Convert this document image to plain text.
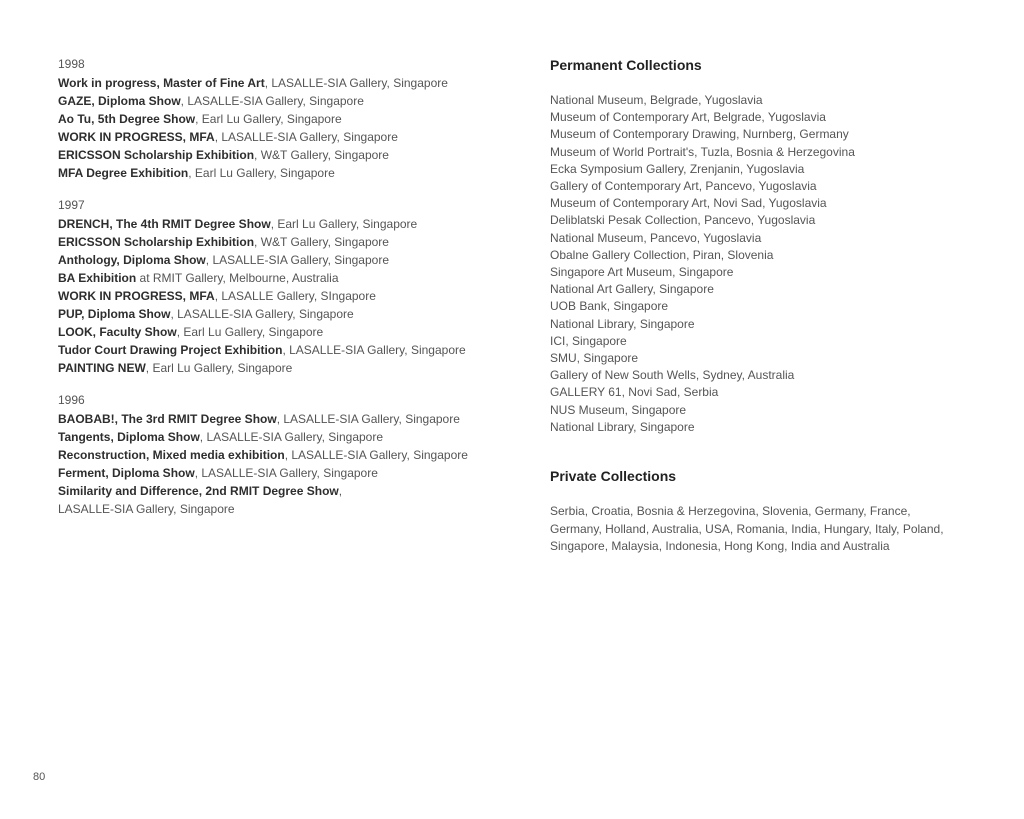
1998
Work in progress, Master of Fine Art, LASALLE-SIA Gallery, Singapore
GAZE, Diploma Show, LASALLE-SIA Gallery, Singapore
Ao Tu, 5th Degree Show, Earl Lu Gallery, Singapore
WORK IN PROGRESS, MFA, LASALLE-SIA Gallery, Singapore
ERICSSON Scholarship Exhibition, W&T Gallery, Singapore
MFA Degree Exhibition, Earl Lu Gallery, Singapore
1997
DRENCH, The 4th RMIT Degree Show, Earl Lu Gallery, Singapore
ERICSSON Scholarship Exhibition, W&T Gallery, Singapore
Anthology, Diploma Show, LASALLE-SIA Gallery, Singapore
BA Exhibition at RMIT Gallery, Melbourne, Australia
WORK IN PROGRESS, MFA, LASALLE Gallery, SIngapore
PUP, Diploma Show, LASALLE-SIA Gallery, Singapore
LOOK, Faculty Show, Earl Lu Gallery, Singapore
Tudor Court Drawing Project Exhibition, LASALLE-SIA Gallery, Singapore
PAINTING NEW, Earl Lu Gallery, Singapore
1996
BAOBAB!, The 3rd RMIT Degree Show, LASALLE-SIA Gallery, Singapore
Tangents, Diploma Show, LASALLE-SIA Gallery, Singapore
Reconstruction, Mixed media exhibition, LASALLE-SIA Gallery, Singapore
Ferment, Diploma Show, LASALLE-SIA Gallery, Singapore
Similarity and Difference, 2nd RMIT Degree Show,
LASALLE-SIA Gallery, Singapore
Permanent Collections
National Museum, Belgrade, Yugoslavia
Museum of Contemporary Art, Belgrade, Yugoslavia
Museum of Contemporary Drawing, Nurnberg, Germany
Museum of World Portrait's, Tuzla, Bosnia & Herzegovina
Ecka Symposium Gallery, Zrenjanin, Yugoslavia
Gallery of Contemporary Art, Pancevo, Yugoslavia
Museum of Contemporary Art, Novi Sad, Yugoslavia
Deliblatski Pesak Collection, Pancevo, Yugoslavia
National Museum, Pancevo, Yugoslavia
Obalne Gallery Collection, Piran, Slovenia
Singapore Art Museum, Singapore
National Art Gallery, Singapore
UOB Bank, Singapore
National Library, Singapore
ICI, Singapore
SMU, Singapore
Gallery of New South Wells, Sydney, Australia
GALLERY 61, Novi Sad, Serbia
NUS Museum, Singapore
National Library, Singapore
Private Collections
Serbia, Croatia, Bosnia & Herzegovina, Slovenia, Germany, France,
Germany, Holland, Australia, USA, Romania, India, Hungary, Italy, Poland,
Singapore, Malaysia, Indonesia, Hong Kong, India and Australia
80
